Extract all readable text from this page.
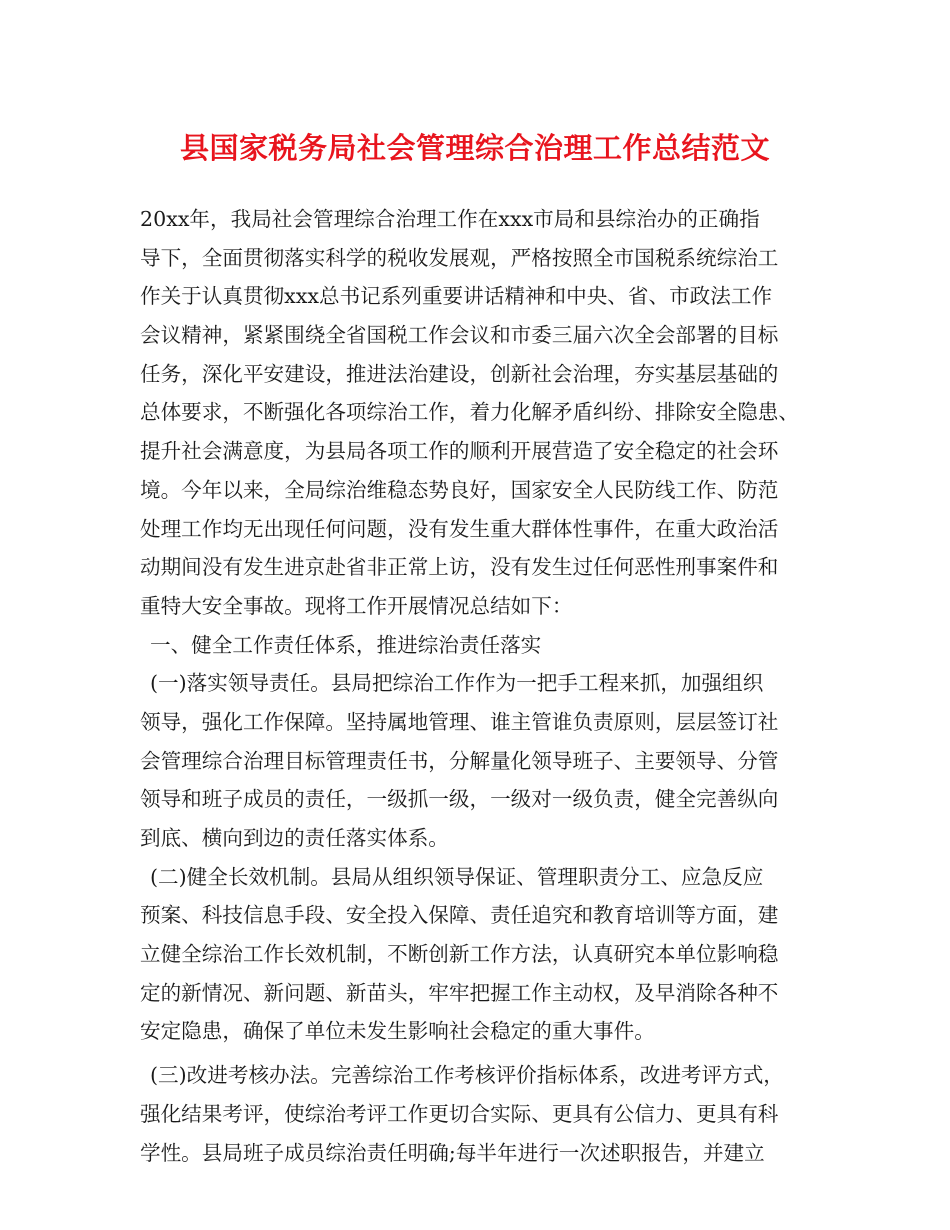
县国家税务局社会管理综合治理工作总结范文
20xx年，我局社会管理综合治理工作在xxx市局和县综治办的正确指
导下，全面贯彻落实科学的税收发展观，严格按照全市国税系统综治工
作关于认真贯彻xxx总书记系列重要讲话精神和中央、省、市政法工作
会议精神，紧紧围绕全省国税工作会议和市委三届六次全会部署的目标
任务，深化平安建设，推进法治建设，创新社会治理，夯实基层基础的
总体要求，不断强化各项综治工作，着力化解矛盾纠纷、排除安全隐患、
提升社会满意度，为县局各项工作的顺利开展营造了安全稳定的社会环
境。今年以来，全局综治维稳态势良好，国家安全人民防线工作、防范
处理工作均无出现任何问题，没有发生重大群体性事件，在重大政治活
动期间没有发生进京赴省非正常上访，没有发生过任何恶性刑事案件和
重特大安全事故。现将工作开展情况总结如下：
一、健全工作责任体系，推进综治责任落实
(一)落实领导责任。县局把综治工作作为一把手工程来抓，加强组织
领导，强化工作保障。坚持属地管理、谁主管谁负责原则，层层签订社
会管理综合治理目标管理责任书，分解量化领导班子、主要领导、分管
领导和班子成员的责任，一级抓一级，一级对一级负责，健全完善纵向
到底、横向到边的责任落实体系。
(二)健全长效机制。县局从组织领导保证、管理职责分工、应急反应
预案、科技信息手段、安全投入保障、责任追究和教育培训等方面，建
立健全综治工作长效机制，不断创新工作方法，认真研究本单位影响稳
定的新情况、新问题、新苗头，牢牢把握工作主动权，及早消除各种不
安定隐患，确保了单位未发生影响社会稳定的重大事件。
(三)改进考核办法。完善综治工作考核评价指标体系，改进考评方式，
强化结果考评，使综治考评工作更切合实际、更具有公信力、更具有科
学性。县局班子成员综治责任明确;每半年进行一次述职报告，并建立
